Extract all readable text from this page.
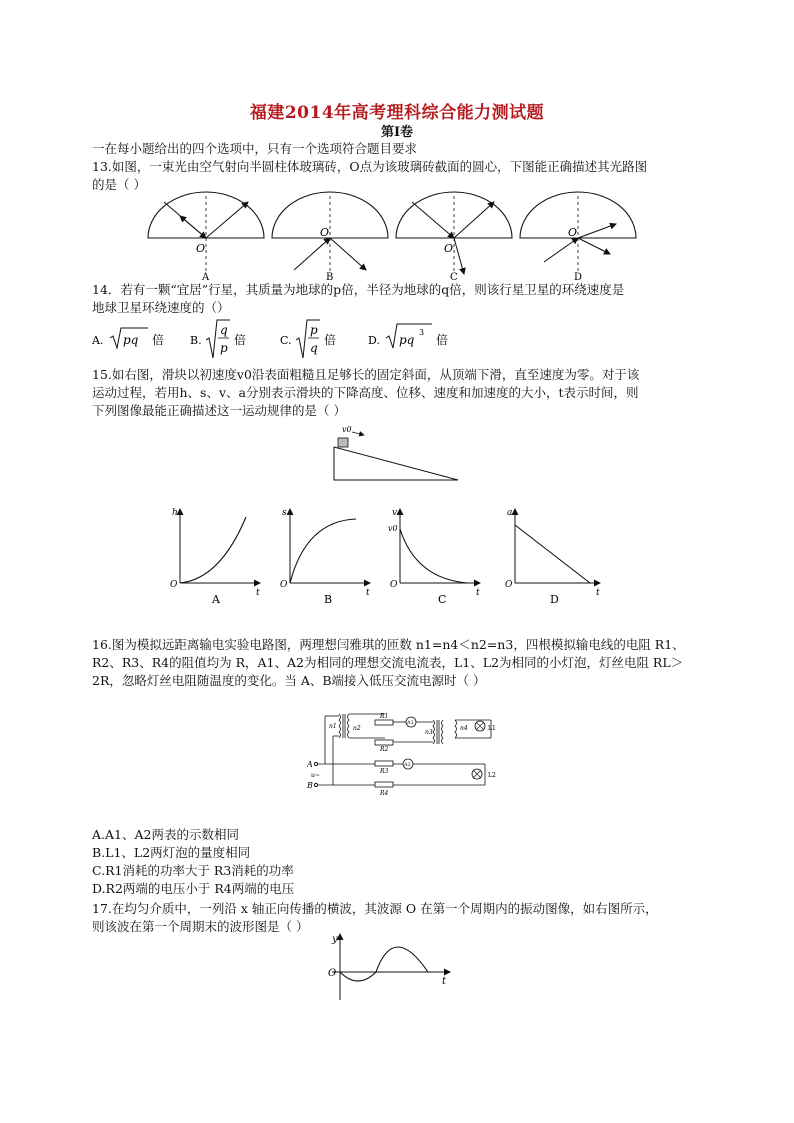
福建2014年高考理科综合能力测试题
第Ⅰ卷
一在每小题给出的四个选项中，只有一个选项符合题目要求
13.如图，一束光由空气射向半圆柱体玻璃砖，O点为该玻璃砖截面的圆心，下图能正确描述其光路图
的是（ ）
O
A
O
B
O
C
O
D
14．若有一颗“宜居”行星，其质量为地球的p倍，半径为地球的q倍，则该行星卫星的环绕速度是
地球卫星环绕速度的（）
A. pq 倍 B.
q
p
倍	C.
p
q
倍	D. pq
3
倍
15.如右图，滑块以初速度v0沿表面粗糙且足够长的固定斜面，从顶端下滑，直至速度为零。对于该
运动过程，若用h、s、v、a分别表示滑块的下降高度、位移、速度和加速度的大小，t表示时间，则
下列图像最能正确描述这一运动规律的是（ ）
v0
h
O
t
A
s
O
t
B
v
v0
O
t
C
a
O
t
D
16.图为模拟远距离输电实验电路图，两理想闫雅琪的匝数 n1=n4＜n2=n3，四根模拟输电线的电阻 R1、
R2、R3、R4的阻值均为 R，A1、A2为相同的理想交流电流表，L1、L2为相同的小灯泡，灯丝电阻 RL＞
2R，忽略灯丝电阻随温度的变化。当 A、B端接入低压交流电源时（ ）
A
B
u~
n1	n2
R1
R2
A1
n3
n4	L1
R3
A2
R4
L2
A.A1、A2两表的示数相同
B.L1、L2两灯泡的量度相同
C.R1消耗的功率大于 R3消耗的功率
D.R2两端的电压小于 R4两端的电压
17.在均匀介质中，一列沿 x 轴正向传播的横波，其波源 O 在第一个周期内的振动图像，如右图所示，
则该波在第一个周期末的波形图是（ ）
y
O
t
